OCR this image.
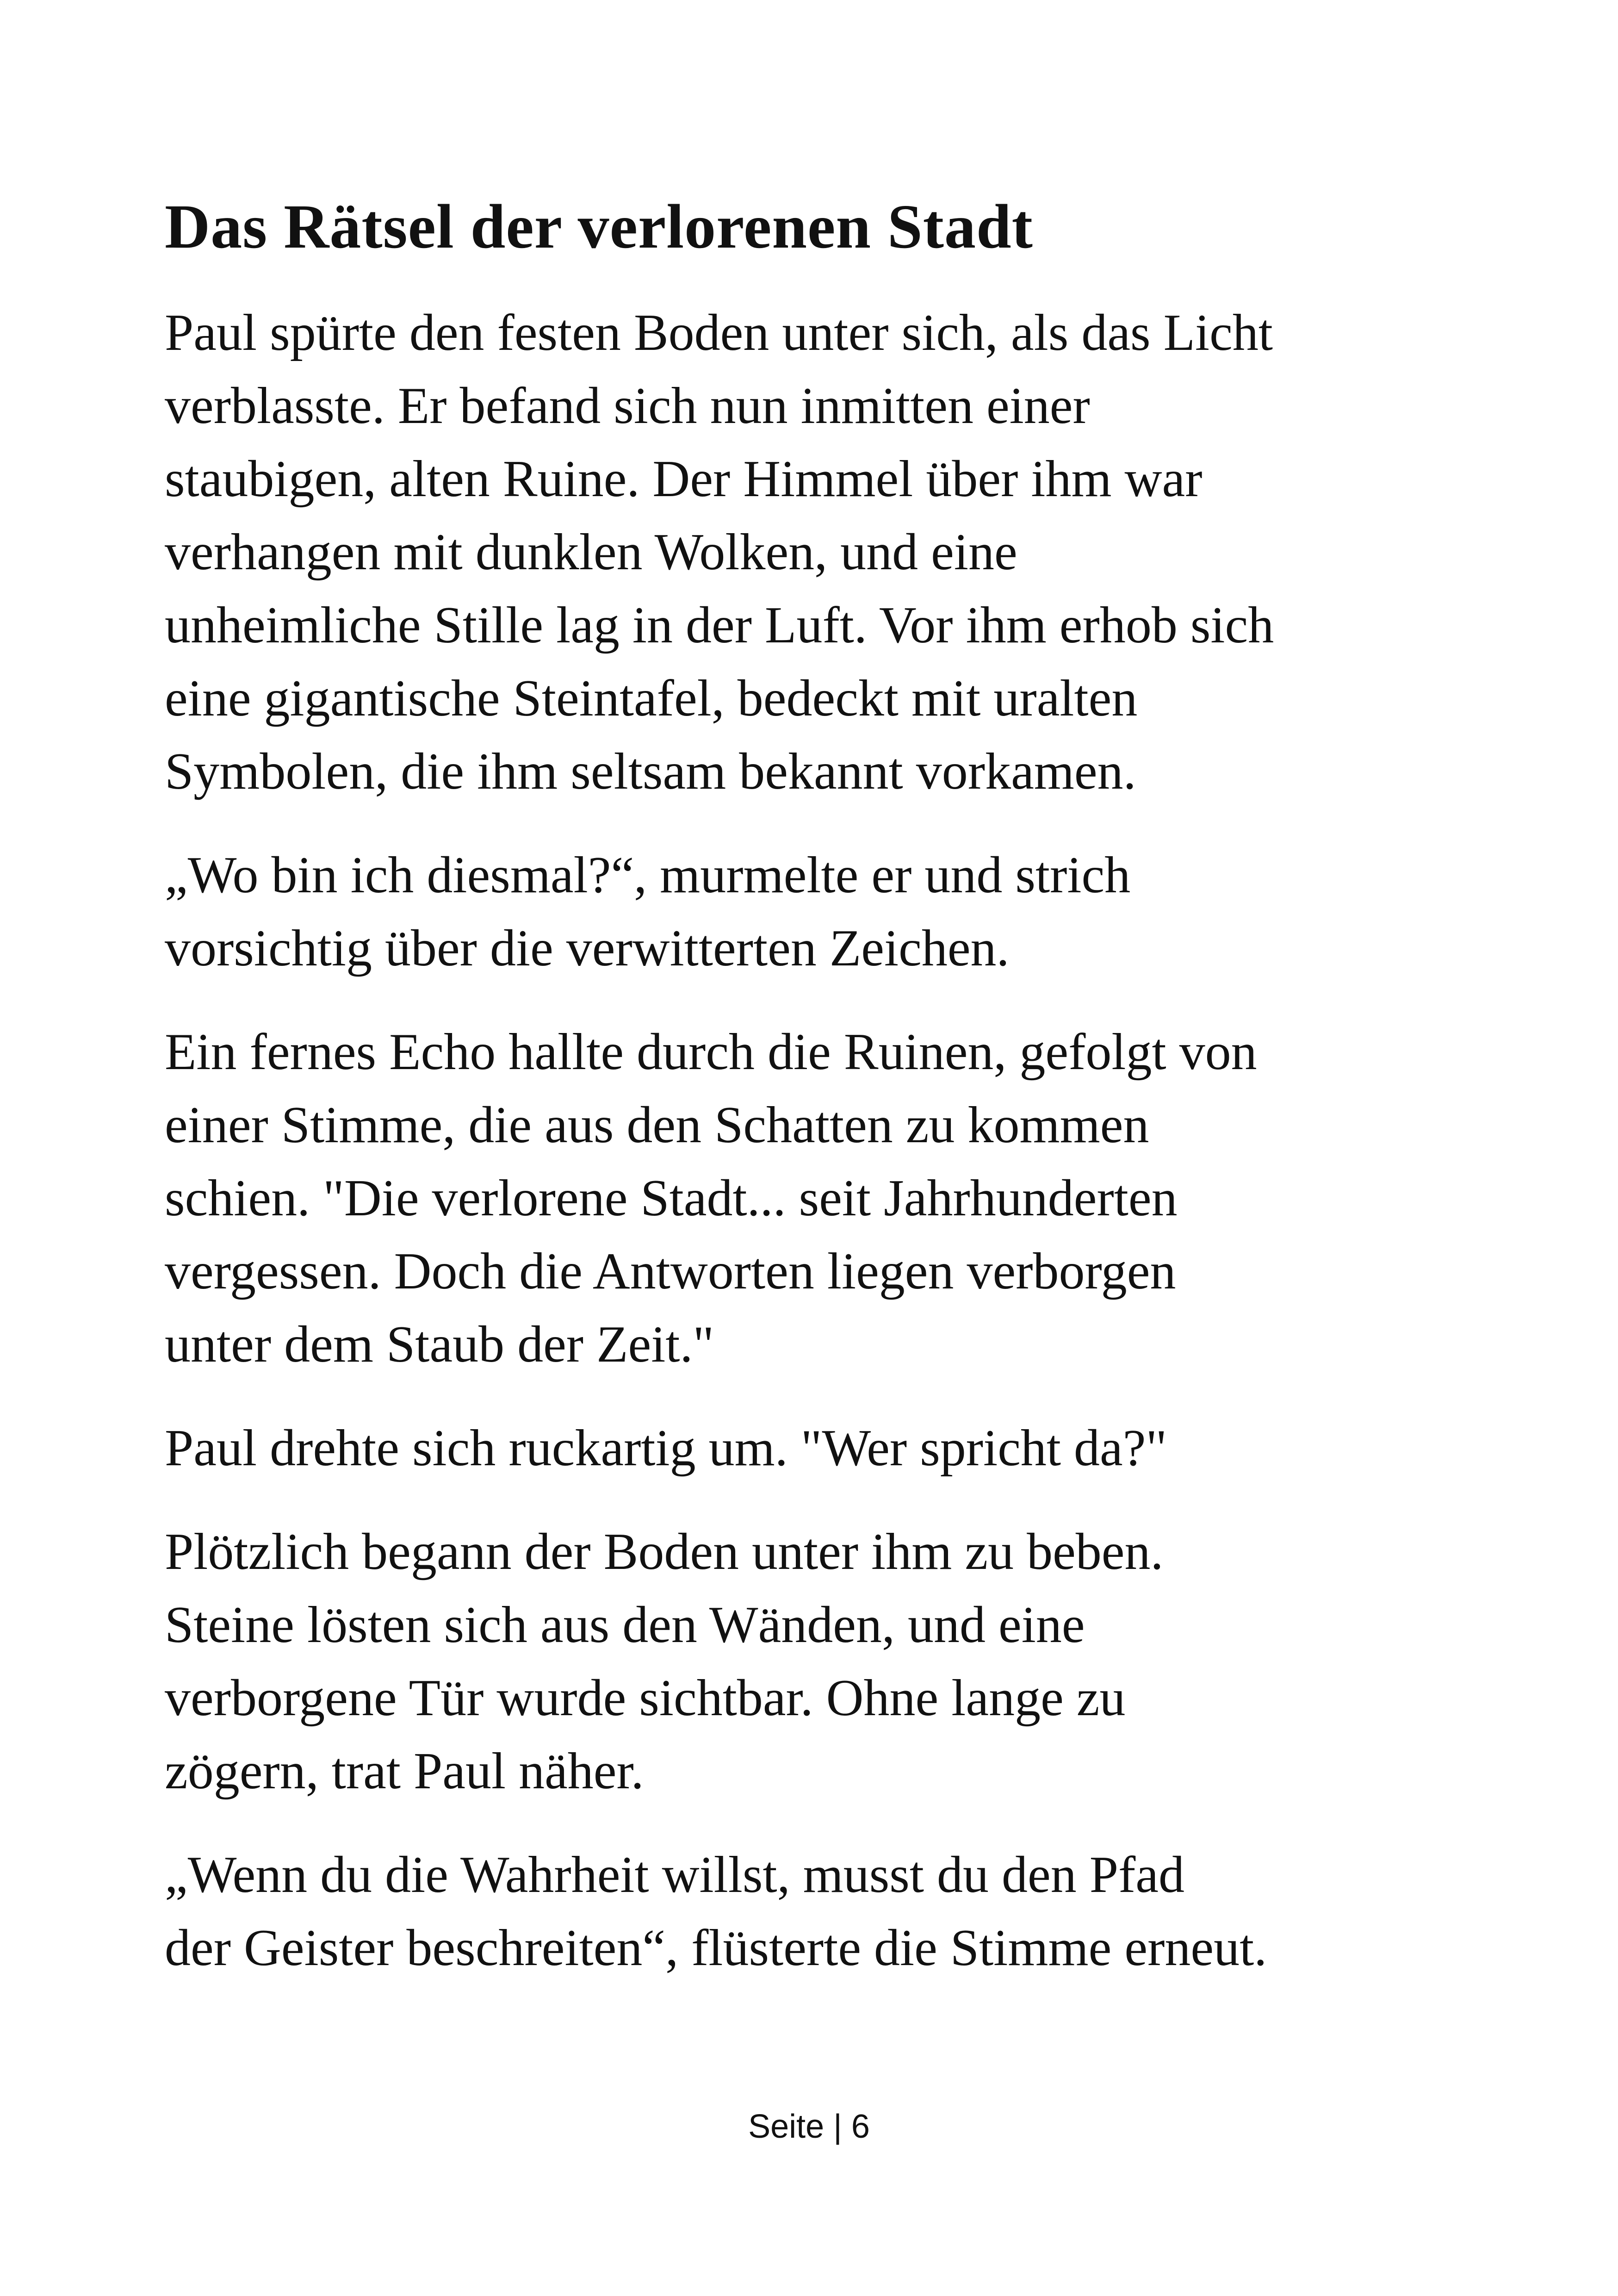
Das Rätsel der verlorenen Stadt

Paul spürte den festen Boden unter sich, als das Licht
verblasste. Er befand sich nun inmitten einer
staubigen, alten Ruine. Der Himmel über ihm war
verhangen mit dunklen Wolken, und eine
unheimliche Stille lag in der Luft. Vor ihm erhob sich
eine gigantische Steintafel, bedeckt mit uralten
Symbolen, die ihm seltsam bekannt vorkamen.

„Wo bin ich diesmal?“, murmelte er und strich
vorsichtig über die verwitterten Zeichen.

Ein fernes Echo hallte durch die Ruinen, gefolgt von
einer Stimme, die aus den Schatten zu kommen
schien. "Die verlorene Stadt... seit Jahrhunderten
vergessen. Doch die Antworten liegen verborgen
unter dem Staub der Zeit."

Paul drehte sich ruckartig um. "Wer spricht da?"

Plötzlich begann der Boden unter ihm zu beben.
Steine lösten sich aus den Wänden, und eine
verborgene Tür wurde sichtbar. Ohne lange zu
zögern, trat Paul näher.

„Wenn du die Wahrheit willst, musst du den Pfad
der Geister beschreiten“, flüsterte die Stimme erneut.

Seite | 6
